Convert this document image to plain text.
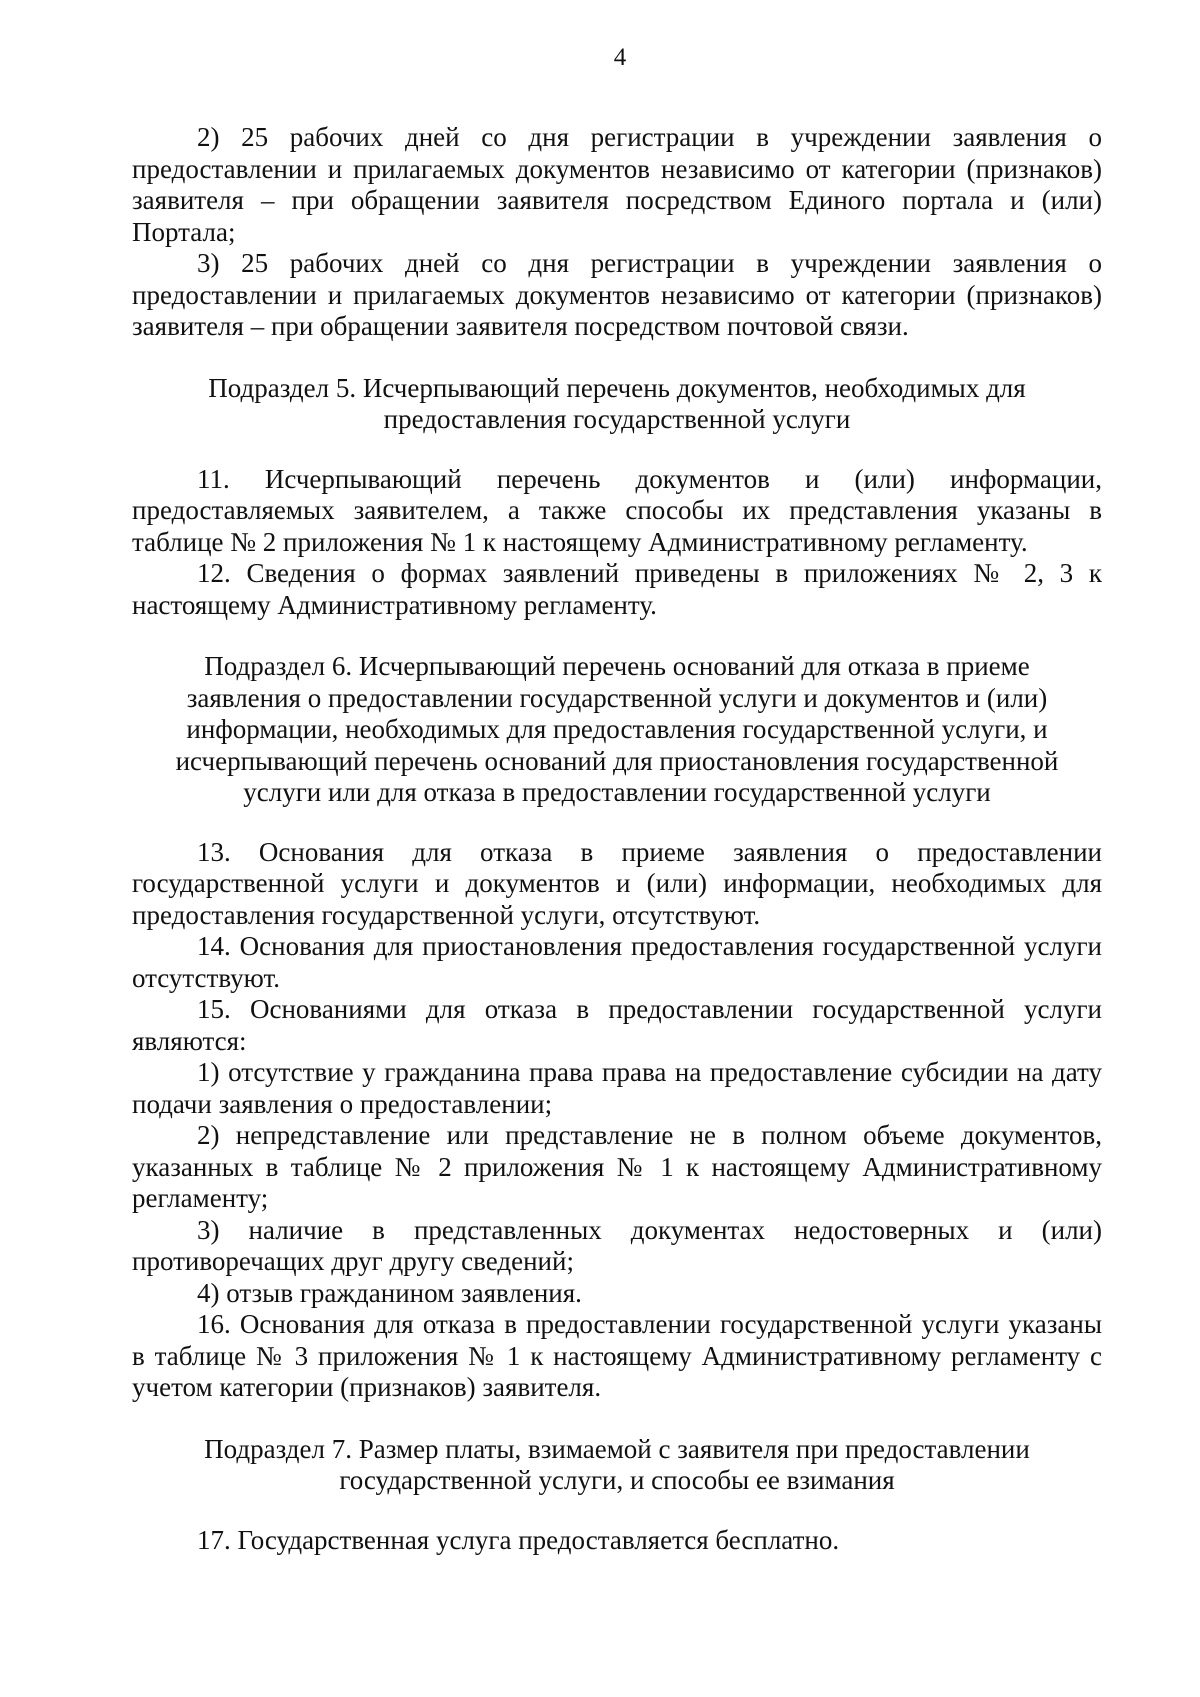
4

2) 25 рабочих дней со дня регистрации в учреждении заявления о предоставлении и прилагаемых документов независимо от категории (признаков) заявителя – при обращении заявителя посредством Единого портала и (или) Портала;

3) 25 рабочих дней со дня регистрации в учреждении заявления о предоставлении и прилагаемых документов независимо от категории (признаков) заявителя – при обращении заявителя посредством почтовой связи.

Подраздел 5. Исчерпывающий перечень документов, необходимых для предоставления государственной услуги

11. Исчерпывающий перечень документов и (или) информации, предоставляемых заявителем, а также способы их представления указаны в таблице № 2 приложения № 1 к настоящему Административному регламенту.

12. Сведения о формах заявлений приведены в приложениях № 2, 3 к настоящему Административному регламенту.

Подраздел 6. Исчерпывающий перечень оснований для отказа в приеме заявления о предоставлении государственной услуги и документов и (или) информации, необходимых для предоставления государственной услуги, и исчерпывающий перечень оснований для приостановления государственной услуги или для отказа в предоставлении государственной услуги

13. Основания для отказа в приеме заявления о предоставлении государственной услуги и документов и (или) информации, необходимых для предоставления государственной услуги, отсутствуют.

14. Основания для приостановления предоставления государственной услуги отсутствуют.

15. Основаниями для отказа в предоставлении государственной услуги являются:

1) отсутствие у гражданина права права на предоставление субсидии на дату подачи заявления о предоставлении;

2) непредставление или представление не в полном объеме документов, указанных в таблице № 2 приложения № 1 к настоящему Административному регламенту;

3) наличие в представленных документах недостоверных и (или) противоречащих друг другу сведений;

4) отзыв гражданином заявления.

16. Основания для отказа в предоставлении государственной услуги указаны в таблице № 3 приложения № 1 к настоящему Административному регламенту с учетом категории (признаков) заявителя.

Подраздел 7. Размер платы, взимаемой с заявителя при предоставлении государственной услуги, и способы ее взимания

17. Государственная услуга предоставляется бесплатно.
